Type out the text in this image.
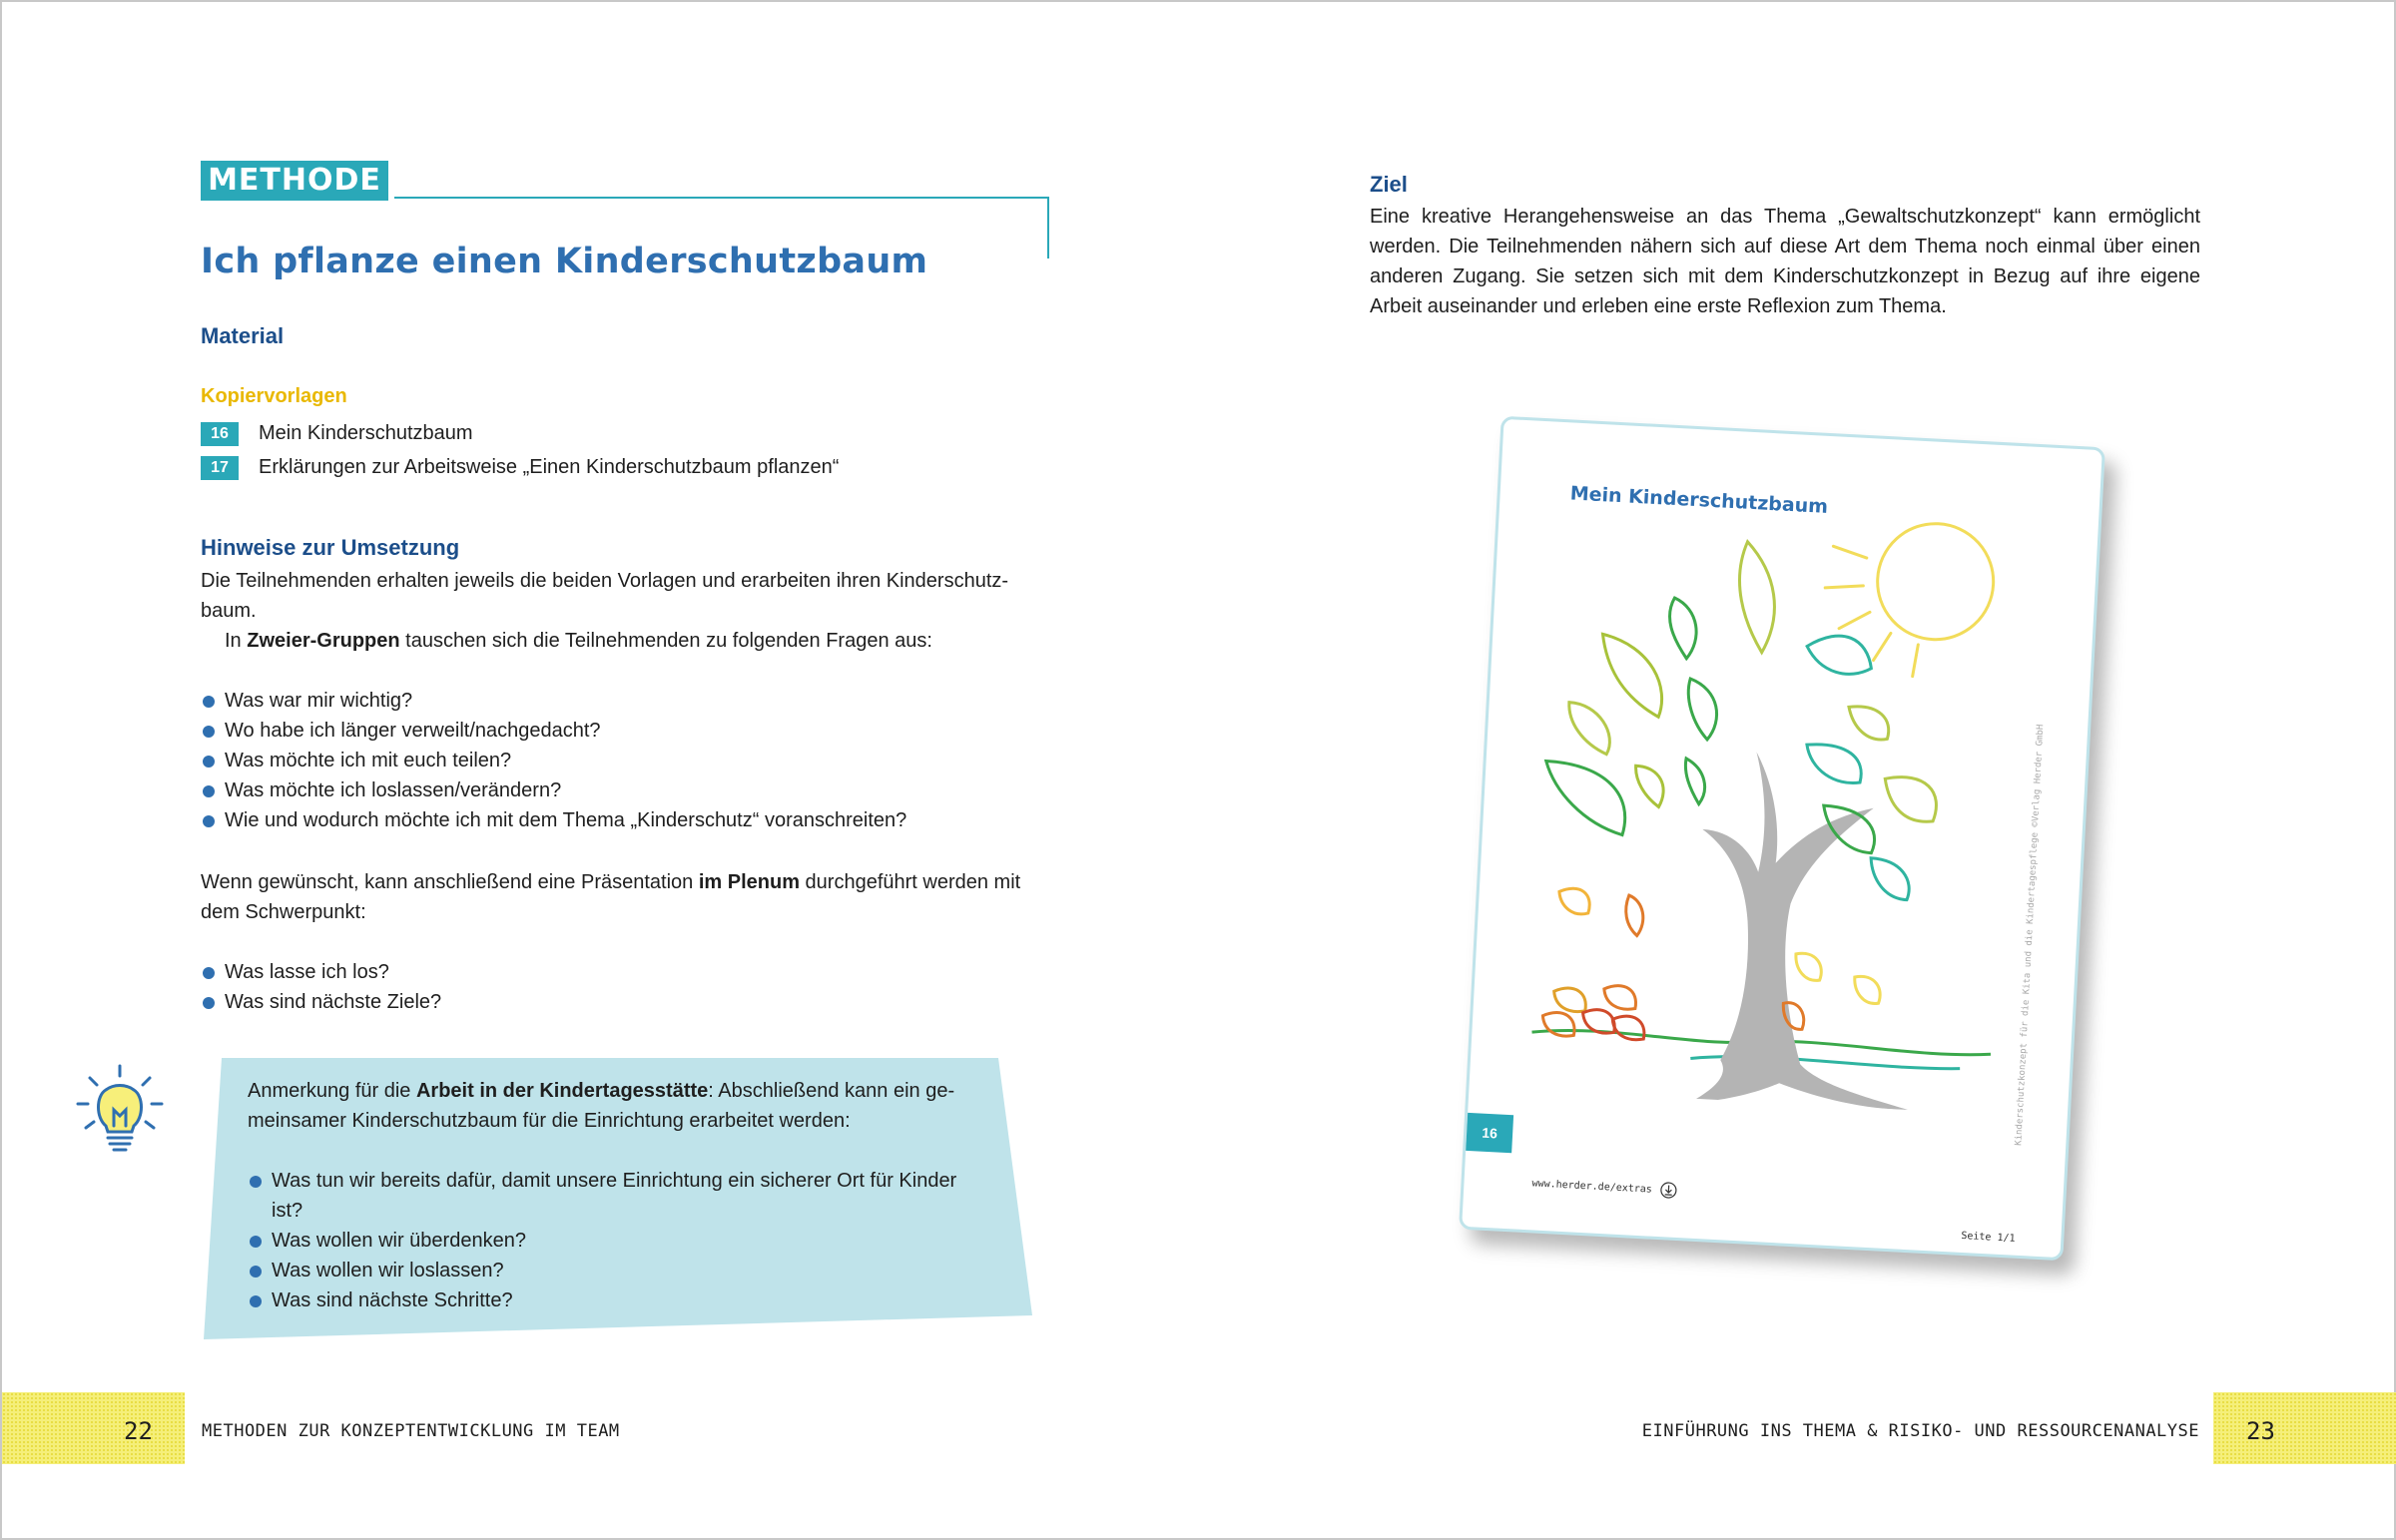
METHODE
Ich pflanze einen Kinderschutzbaum
Material
Kopiervorlagen
16 Mein Kinderschutzbaum
17 Erklärungen zur Arbeitsweise „Einen Kinderschutzbaum pflanzen“
Hinweise zur Umsetzung
Die Teilnehmenden erhalten jeweils die beiden Vorlagen und erarbeiten ihren Kinderschutz-baum.
In Zweier-Gruppen tauschen sich die Teilnehmenden zu folgenden Fragen aus:
Was war mir wichtig?
Wo habe ich länger verweilt/nachgedacht?
Was möchte ich mit euch teilen?
Was möchte ich loslassen/verändern?
Wie und wodurch möchte ich mit dem Thema „Kinderschutz“ voranschreiten?
Wenn gewünscht, kann anschließend eine Präsentation im Plenum durchgeführt werden mit dem Schwerpunkt:
Was lasse ich los?
Was sind nächste Ziele?
Anmerkung für die Arbeit in der Kindertagesstätte: Abschließend kann ein ge-meinsamer Kinderschutzbaum für die Einrichtung erarbeitet werden:
Was tun wir bereits dafür, damit unsere Einrichtung ein sicherer Ort für Kinder ist?
Was wollen wir überdenken?
Was wollen wir loslassen?
Was sind nächste Schritte?
22	METHODEN ZUR KONZEPTENTWICKLUNG IM TEAM	EINFÜHRUNG INS THEMA & RISIKO- UND RESSOURCENANALYSE 23
Ziel
Eine kreative Herangehensweise an das Thema „Gewaltschutzkonzept“ kann ermöglicht werden. Die Teilnehmenden nähern sich auf diese Art dem Thema noch einmal über einen anderen Zugang. Sie setzen sich mit dem Kinderschutzkonzept in Bezug auf ihre eigene Arbeit auseinander und erleben eine erste Reflexion zum Thema.
Mein Kinderschutzbaum
16
www.herder.de/extras
Seite 1/1
Kinderschutzkonzept für die Kita und die Kindertagespflege ©Verlag Herder GmbH
